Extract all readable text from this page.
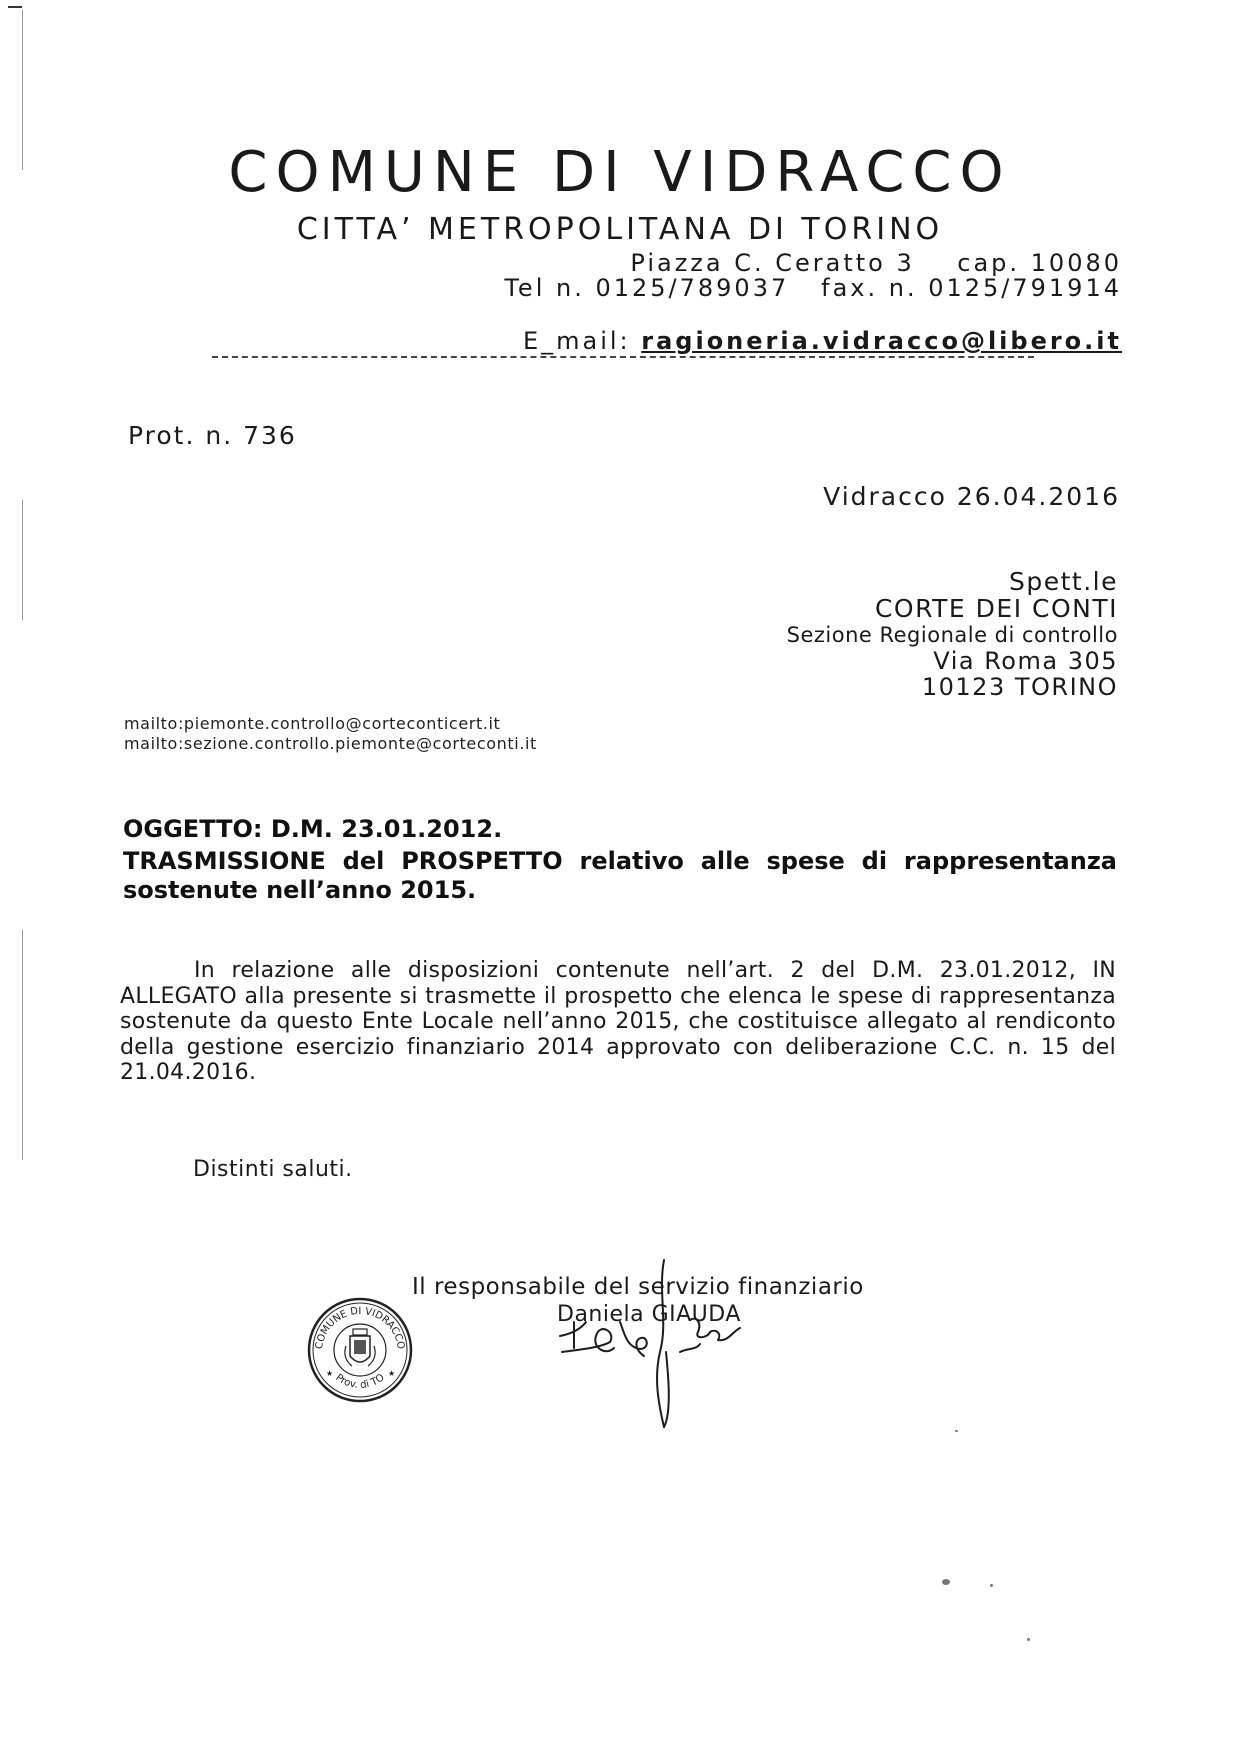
COMUNE DI VIDRACCO
CITTA’ METROPOLITANA DI TORINO
Piazza C. Ceratto 3    cap. 10080
Tel n. 0125/789037   fax. n. 0125/791914

E_mail: ragioneria.vidracco@libero.it

Prot. n. 736
Vidracco 26.04.2016
Spett.le
CORTE DEI CONTI
Sezione Regionale di controllo
Via Roma 305
10123 TORINO
mailto:piemonte.controllo@corteconticert.it
mailto:sezione.controllo.piemonte@corteconti.it
OGGETTO: D.M. 23.01.2012.
TRASMISSIONE del PROSPETTO relativo alle spese di rappresentanza
sostenute nell’anno 2015.
In relazione alle disposizioni contenute nell’art. 2 del D.M. 23.01.2012, IN ALLEGATO alla presente si trasmette il prospetto che elenca le spese di rappresentanza sostenute da questo Ente Locale nell’anno 2015, che costituisce allegato al rendiconto della gestione esercizio finanziario 2014 approvato con deliberazione C.C. n. 15 del 21.04.2016.
Distinti saluti.
Il responsabile del servizio finanziario
Daniela GIAUDA
COMUNE DI VIDRACCO
Prov. di TO
★	★
